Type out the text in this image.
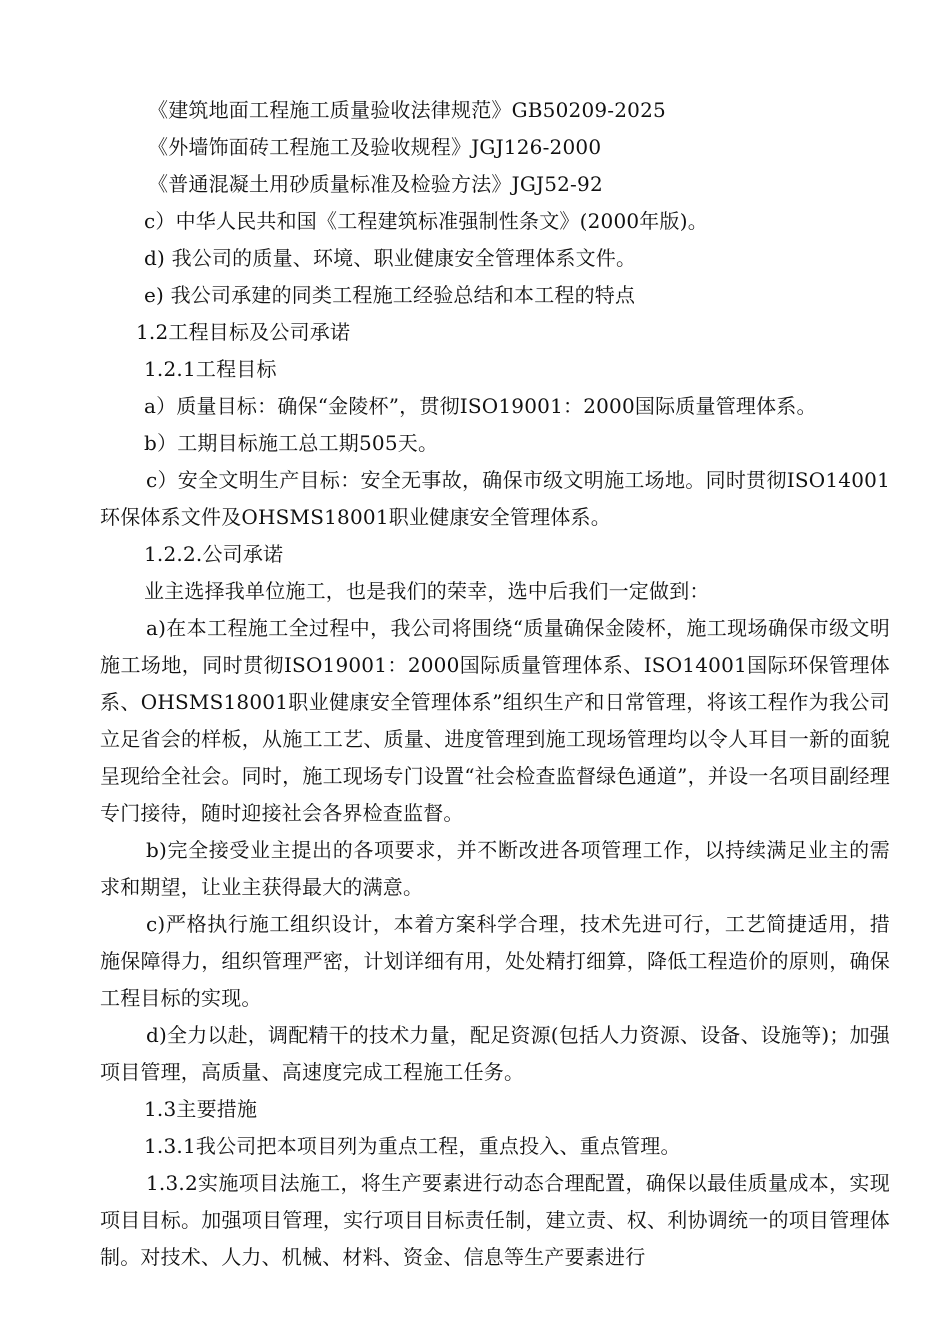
《建筑地面工程施工质量验收法律规范》GB50209-2025
《外墙饰面砖工程施工及验收规程》JGJ126-2000
《普通混凝土用砂质量标准及检验方法》JGJ52-92
c）中华人民共和国《工程建筑标准强制性条文》(2000年版)。
d) 我公司的质量、环境、职业健康安全管理体系文件。
e) 我公司承建的同类工程施工经验总结和本工程的特点
1.2工程目标及公司承诺
1.2.1工程目标
a）质量目标：确保“金陵杯”，贯彻ISO19001：2000国际质量管理体系。
b）工期目标施工总工期505天。

c）安全文明生产目标：安全无事故，确保市级文明施工场地。同时贯彻ISO14001环保体系文件及OHSMS18001职业健康安全管理体系。

1.2.2.公司承诺
业主选择我单位施工，也是我们的荣幸，选中后我们一定做到：

a)在本工程施工全过程中，我公司将围绕“质量确保金陵杯，施工现场确保市级文明施工场地，同时贯彻ISO19001：2000国际质量管理体系、ISO14001国际环保管理体系、OHSMS18001职业健康安全管理体系”组织生产和日常管理，将该工程作为我公司立足省会的样板，从施工工艺、质量、进度管理到施工现场管理均以令人耳目一新的面貌呈现给全社会。同时，施工现场专门设置“社会检查监督绿色通道”，并设一名项目副经理专门接待，随时迎接社会各界检查监督。

b)完全接受业主提出的各项要求，并不断改进各项管理工作，以持续满足业主的需求和期望，让业主获得最大的满意。

c)严格执行施工组织设计，本着方案科学合理，技术先进可行，工艺简捷适用，措施保障得力，组织管理严密，计划详细有用，处处精打细算，降低工程造价的原则，确保工程目标的实现。

d)全力以赴，调配精干的技术力量，配足资源(包括人力资源、设备、设施等)；加强项目管理，高质量、高速度完成工程施工任务。

1.3主要措施
1.3.1我公司把本项目列为重点工程，重点投入、重点管理。

1.3.2实施项目法施工，将生产要素进行动态合理配置，确保以最佳质量成本，实现项目目标。加强项目管理，实行项目目标责任制，建立责、权、利协调统一的项目管理体制。对技术、人力、机械、材料、资金、信息等生产要素进行
